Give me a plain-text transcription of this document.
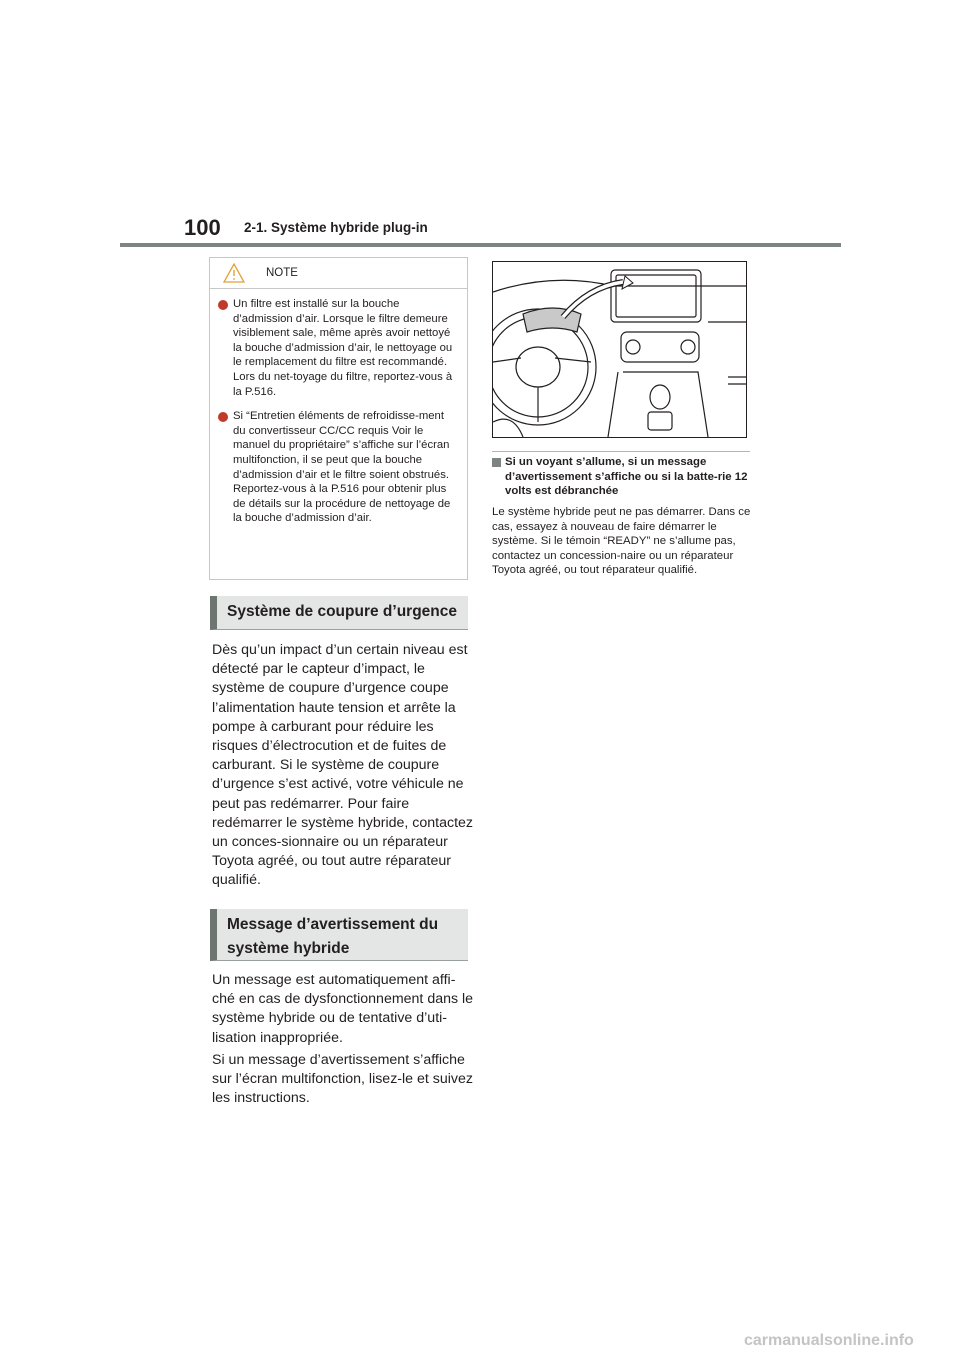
100 2-1. Système hybride plug-in
NOTE
Un filtre est installé sur la bouche d’admission d’air. Lorsque le filtre demeure visiblement sale, même après avoir nettoyé la bouche d’admission d’air, le nettoyage ou le remplacement du filtre est recommandé. Lors du net-toyage du filtre, reportez-vous à la P.516.
Si “Entretien éléments de refroidisse-ment du convertisseur CC/CC requis Voir le manuel du propriétaire” s’affiche sur l’écran multifonction, il se peut que la bouche d’admission d’air et le filtre soient obstrués. Reportez-vous à la P.516 pour obtenir plus de détails sur la procédure de nettoyage de la bouche d’admission d’air.
Système de coupure d’urgence

Dès qu’un impact d’un certain niveau est détecté par le capteur d’impact, le système de coupure d’urgence coupe l’alimentation haute tension et arrête la pompe à carburant pour réduire les risques d’électrocution et de fuites de carburant. Si le système de coupure d’urgence s’est activé, votre véhicule ne peut pas redémarrer. Pour faire redémarrer le système hybride, contactez un conces-sionnaire ou un réparateur Toyota agréé, ou tout autre réparateur qualifié.

Message d’avertissement du système hybride

Un message est automatiquement affi-ché en cas de dysfonctionnement dans le système hybride ou de tentative d’uti-lisation inappropriée.

Si un message d’avertissement s’affiche sur l’écran multifonction, lisez-le et suivez les instructions.

Si un voyant s’allume, si un message d’avertissement s’affiche ou si la batte-rie 12 volts est débranchée

Le système hybride peut ne pas démarrer. Dans ce cas, essayez à nouveau de faire démarrer le système. Si le témoin “READY” ne s’allume pas, contactez un concession-naire ou un réparateur Toyota agréé, ou tout réparateur qualifié.

carmanualsonline.info
